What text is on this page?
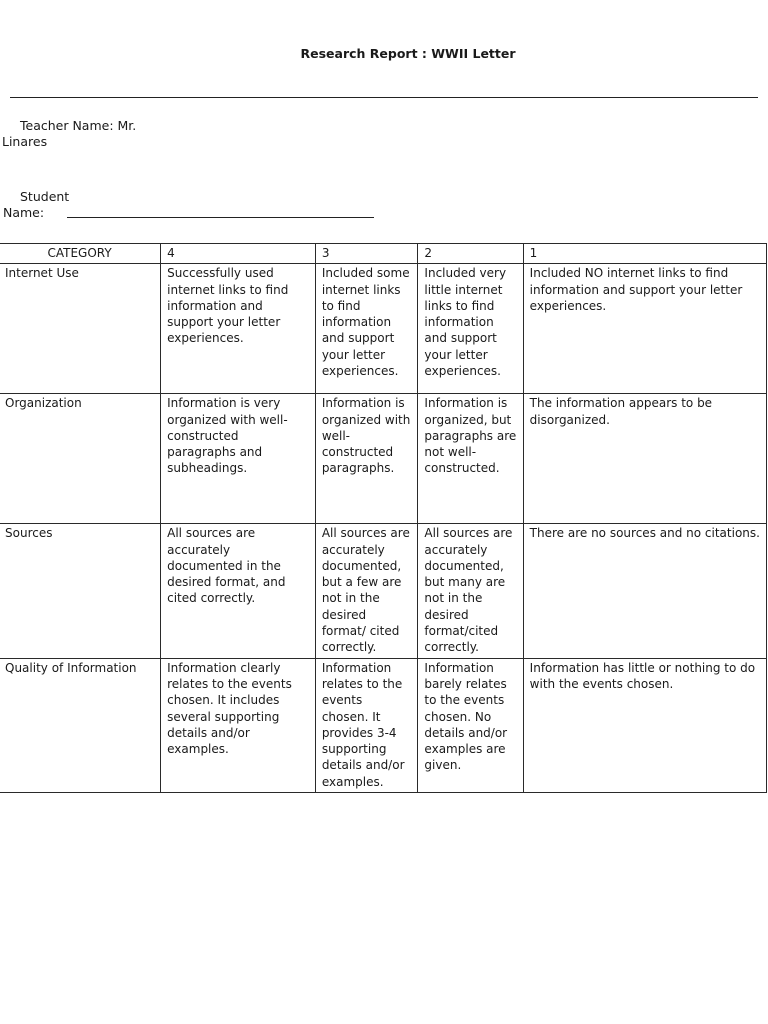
Research Report : WWII Letter
Teacher Name: Mr.
Linares
Student
Name:
CATEGORY	4	3	2	1

Internet Use	Successfully used internet links to find information and support your letter experiences.	Included some internet links to find information and support your letter experiences.	Included very little internet links to find information and support your letter experiences.	Included NO internet links to find information and support your letter experiences.

Organization	Information is very organized with well-constructed paragraphs and subheadings.	Information is organized with well-constructed paragraphs.	Information is organized, but paragraphs are not well-constructed.	The information appears to be disorganized.

Sources	All sources are accurately documented in the desired format, and cited correctly.	All sources are accurately documented, but a few are not in the desired format/ cited correctly.	All sources are accurately documented, but many are not in the desired format/cited correctly.	There are no sources and no citations.

Quality of Information	Information clearly relates to the events chosen. It includes several supporting details and/or examples.	Information relates to the events chosen. It provides 3-4 supporting details and/or examples.	Information barely relates to the events chosen. No details and/or examples are given.	Information has little or nothing to do with the events chosen.
